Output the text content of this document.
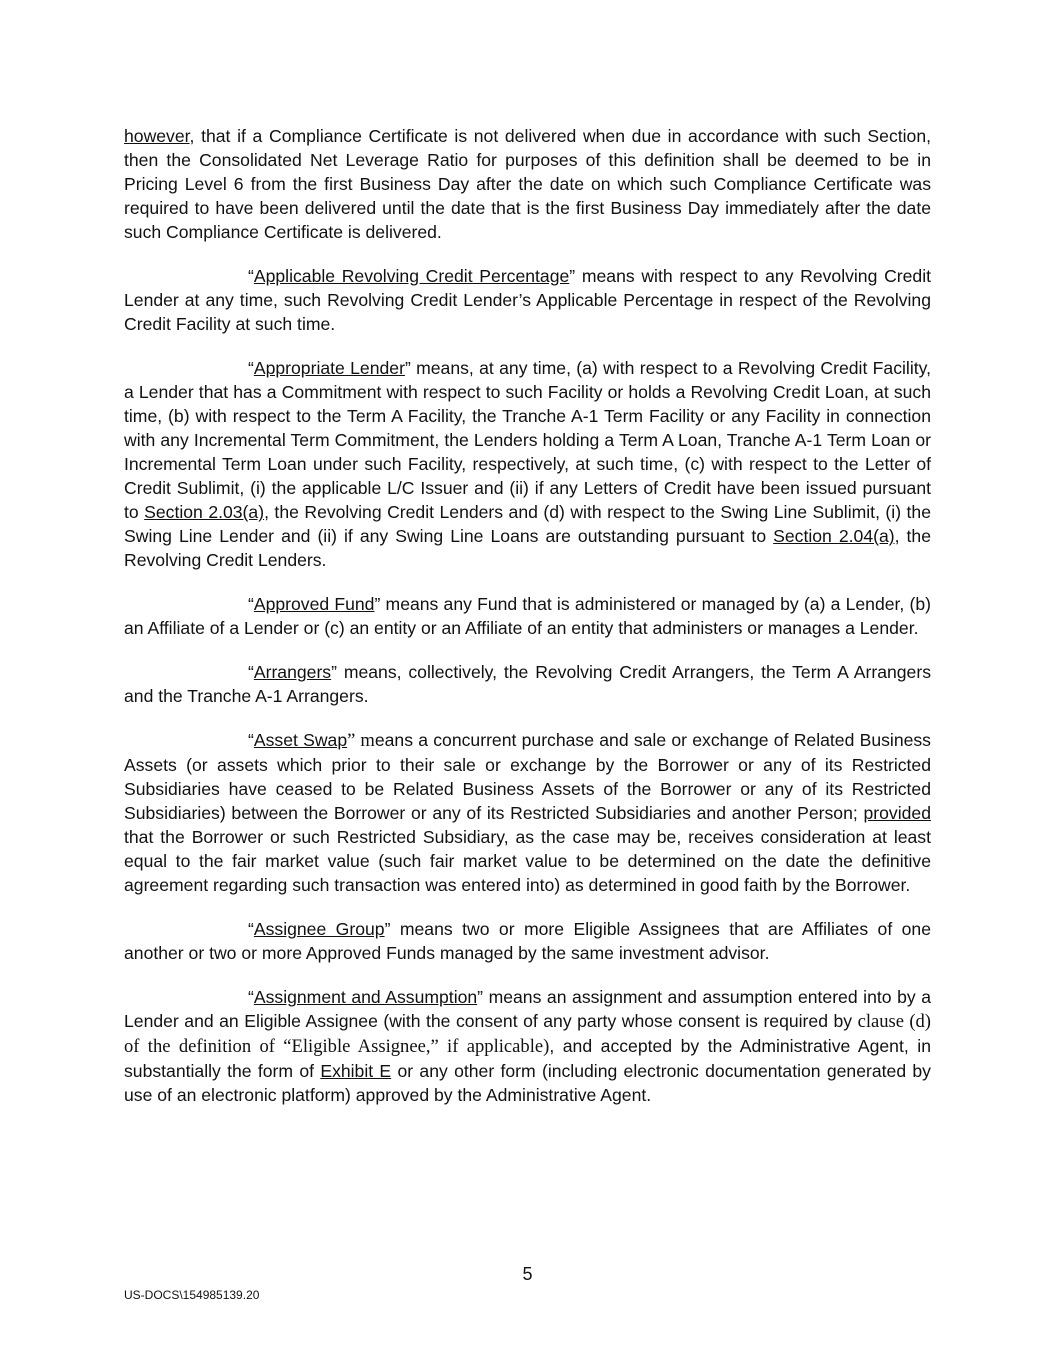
however, that if a Compliance Certificate is not delivered when due in accordance with such Section, then the Consolidated Net Leverage Ratio for purposes of this definition shall be deemed to be in Pricing Level 6 from the first Business Day after the date on which such Compliance Certificate was required to have been delivered until the date that is the first Business Day immediately after the date such Compliance Certificate is delivered.

“Applicable Revolving Credit Percentage” means with respect to any Revolving Credit Lender at any time, such Revolving Credit Lender’s Applicable Percentage in respect of the Revolving Credit Facility at such time.

“Appropriate Lender” means, at any time, (a) with respect to a Revolving Credit Facility, a Lender that has a Commitment with respect to such Facility or holds a Revolving Credit Loan, at such time, (b) with respect to the Term A Facility, the Tranche A-1 Term Facility or any Facility in connection with any Incremental Term Commitment, the Lenders holding a Term A Loan, Tranche A-1 Term Loan or Incremental Term Loan under such Facility, respectively, at such time, (c) with respect to the Letter of Credit Sublimit, (i) the applicable L/C Issuer and (ii) if any Letters of Credit have been issued pursuant to Section 2.03(a), the Revolving Credit Lenders and (d) with respect to the Swing Line Sublimit, (i) the Swing Line Lender and (ii) if any Swing Line Loans are outstanding pursuant to Section 2.04(a), the Revolving Credit Lenders.

“Approved Fund” means any Fund that is administered or managed by (a) a Lender, (b) an Affiliate of a Lender or (c) an entity or an Affiliate of an entity that administers or manages a Lender.

“Arrangers” means, collectively, the Revolving Credit Arrangers, the Term A Arrangers and the Tranche A-1 Arrangers.

“Asset Swap” means a concurrent purchase and sale or exchange of Related Business Assets (or assets which prior to their sale or exchange by the Borrower or any of its Restricted Subsidiaries have ceased to be Related Business Assets of the Borrower or any of its Restricted Subsidiaries) between the Borrower or any of its Restricted Subsidiaries and another Person; provided that the Borrower or such Restricted Subsidiary, as the case may be, receives consideration at least equal to the fair market value (such fair market value to be determined on the date the definitive agreement regarding such transaction was entered into) as determined in good faith by the Borrower.

“Assignee Group” means two or more Eligible Assignees that are Affiliates of one another or two or more Approved Funds managed by the same investment advisor.

“Assignment and Assumption” means an assignment and assumption entered into by a Lender and an Eligible Assignee (with the consent of any party whose consent is required by clause (d) of the definition of “Eligible Assignee,” if applicable), and accepted by the Administrative Agent, in substantially the form of Exhibit E or any other form (including electronic documentation generated by use of an electronic platform) approved by the Administrative Agent.

5
US-DOCS\154985139.20
